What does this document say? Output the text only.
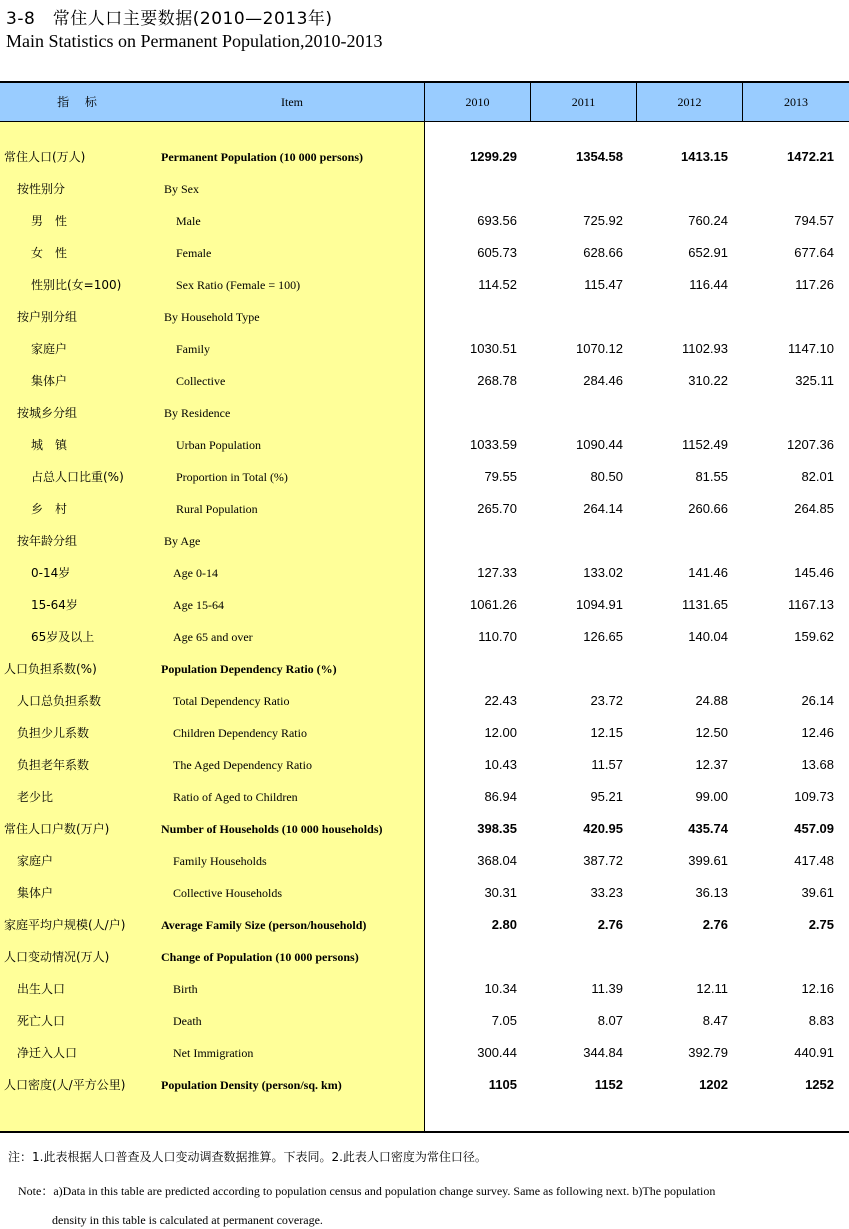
3-8　常住人口主要数据(2010—2013年)
Main Statistics on Permanent Population,2010-2013
指 标	Item	2010	2011	2012	2013
常住人口(万人)	Permanent Population (10 000 persons)	1299.29	1354.58	1413.15	1472.21
按性别分	By Sex
男　性	Male	693.56	725.92	760.24	794.57
女　性	Female	605.73	628.66	652.91	677.64
性别比(女=100)	Sex Ratio (Female = 100)	114.52	115.47	116.44	117.26
按户别分组	By Household Type
家庭户	Family	1030.51	1070.12	1102.93	1147.10
集体户	Collective	268.78	284.46	310.22	325.11
按城乡分组	By Residence
城　镇	Urban Population	1033.59	1090.44	1152.49	1207.36
占总人口比重(%)	Proportion in Total (%)	79.55	80.50	81.55	82.01
乡　村	Rural Population	265.70	264.14	260.66	264.85
按年龄分组	By Age
0-14岁	Age 0-14	127.33	133.02	141.46	145.46
15-64岁	Age 15-64	1061.26	1094.91	1131.65	1167.13
65岁及以上	Age 65 and over	110.70	126.65	140.04	159.62
人口负担系数(%)	Population Dependency Ratio (%)
人口总负担系数	Total Dependency Ratio	22.43	23.72	24.88	26.14
负担少儿系数	Children Dependency Ratio	12.00	12.15	12.50	12.46
负担老年系数	The Aged Dependency Ratio	10.43	11.57	12.37	13.68
老少比	Ratio of Aged to Children	86.94	95.21	99.00	109.73
常住人口户数(万户)	Number of Households (10 000 households)	398.35	420.95	435.74	457.09
家庭户	Family Households	368.04	387.72	399.61	417.48
集体户	Collective Households	30.31	33.23	36.13	39.61
家庭平均户规模(人/户)	Average Family Size (person/household)	2.80	2.76	2.76	2.75
人口变动情况(万人)	Change of Population (10 000 persons)
出生人口	Birth	10.34	11.39	12.11	12.16
死亡人口	Death	7.05	8.07	8.47	8.83
净迁入人口	Net Immigration	300.44	344.84	392.79	440.91
人口密度(人/平方公里)	Population Density (person/sq. km)	1105	1152	1202	1252
注：1.此表根据人口普查及人口变动调查数据推算。下表同。2.此表人口密度为常住口径。
Note：a)Data in this table are predicted according to population census and population change survey. Same as following next. b)The population
density in this table is calculated at permanent coverage.
